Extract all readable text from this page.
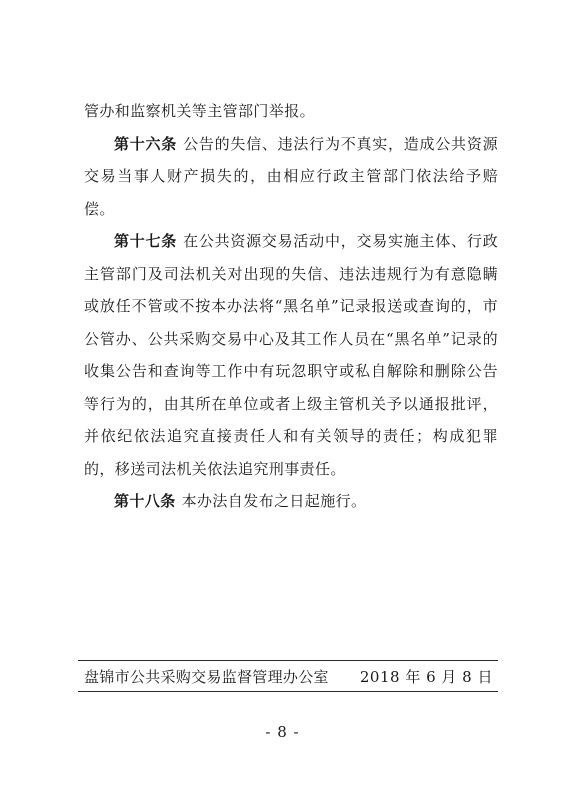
管办和监察机关等主管部门举报。

第十六条 公告的失信、违法行为不真实，造成公共资源交易当事人财产损失的，由相应行政主管部门依法给予赔偿。

第十七条 在公共资源交易活动中，交易实施主体、行政主管部门及司法机关对出现的失信、违法违规行为有意隐瞒或放任不管或不按本办法将“黑名单”记录报送或查询的，市公管办、公共采购交易中心及其工作人员在“黑名单”记录的收集公告和查询等工作中有玩忽职守或私自解除和删除公告等行为的，由其所在单位或者上级主管机关予以通报批评，并依纪依法追究直接责任人和有关领导的责任；构成犯罪的，移送司法机关依法追究刑事责任。

第十八条 本办法自发布之日起施行。

盘锦市公共采购交易监督管理办公室 2018 年 6 月 8 日
- 8 -
